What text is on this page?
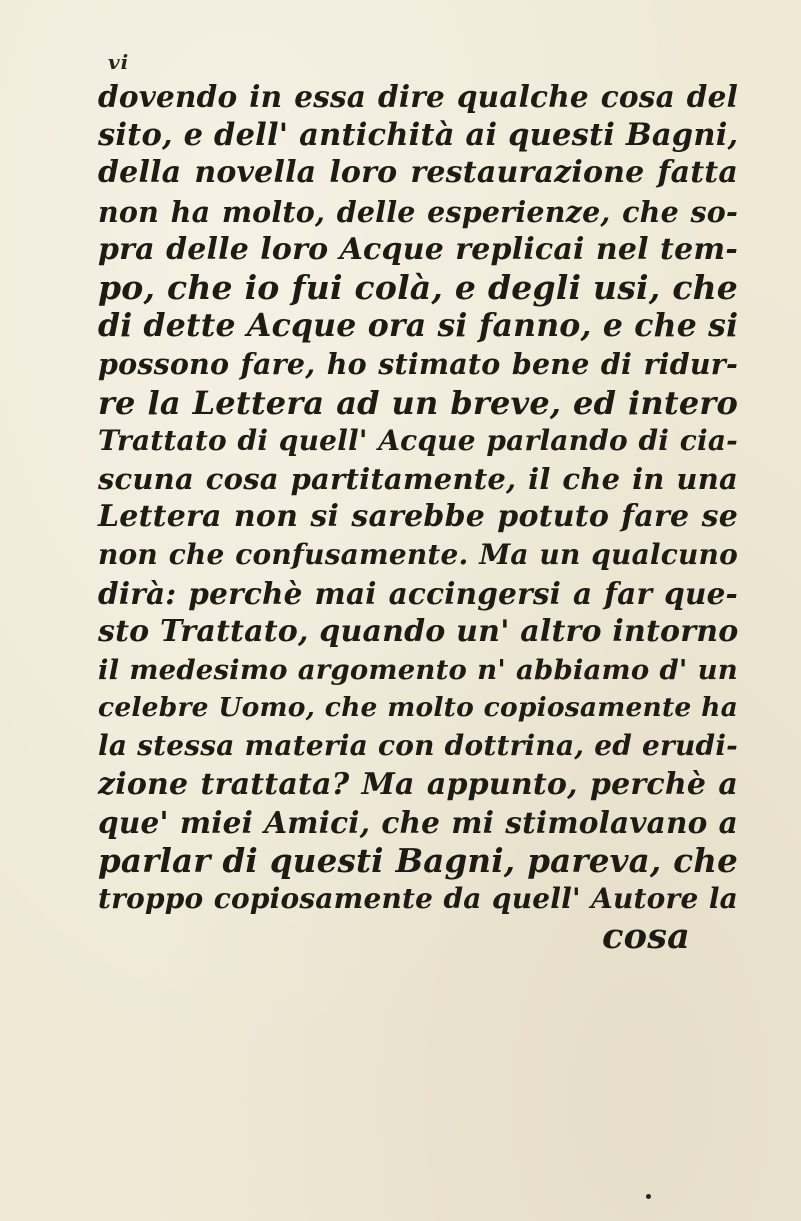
vi
dovendo in essa dire qualche cosa del
sito, e dell' antichità ai questi Bagni,
della novella loro restaurazione fatta
non ha molto, delle esperienze, che so-
pra delle loro Acque replicai nel tem-
po, che io fui colà, e degli usi, che
di dette Acque ora si fanno, e che si
possono fare, ho stimato bene di ridur-
re la Lettera ad un breve, ed intero
Trattato di quell' Acque parlando di cia-
scuna cosa partitamente, il che in una
Lettera non si sarebbe potuto fare se
non che confusamente. Ma un qualcuno
dirà: perchè mai accingersi a far que-
sto Trattato, quando un' altro intorno
il medesimo argomento n' abbiamo d' un
celebre Uomo, che molto copiosamente ha
la stessa materia con dottrina, ed erudi-
zione trattata? Ma appunto, perchè a
que' miei Amici, che mi stimolavano a
parlar di questi Bagni, pareva, che
troppo copiosamente da quell' Autore la
cosa
